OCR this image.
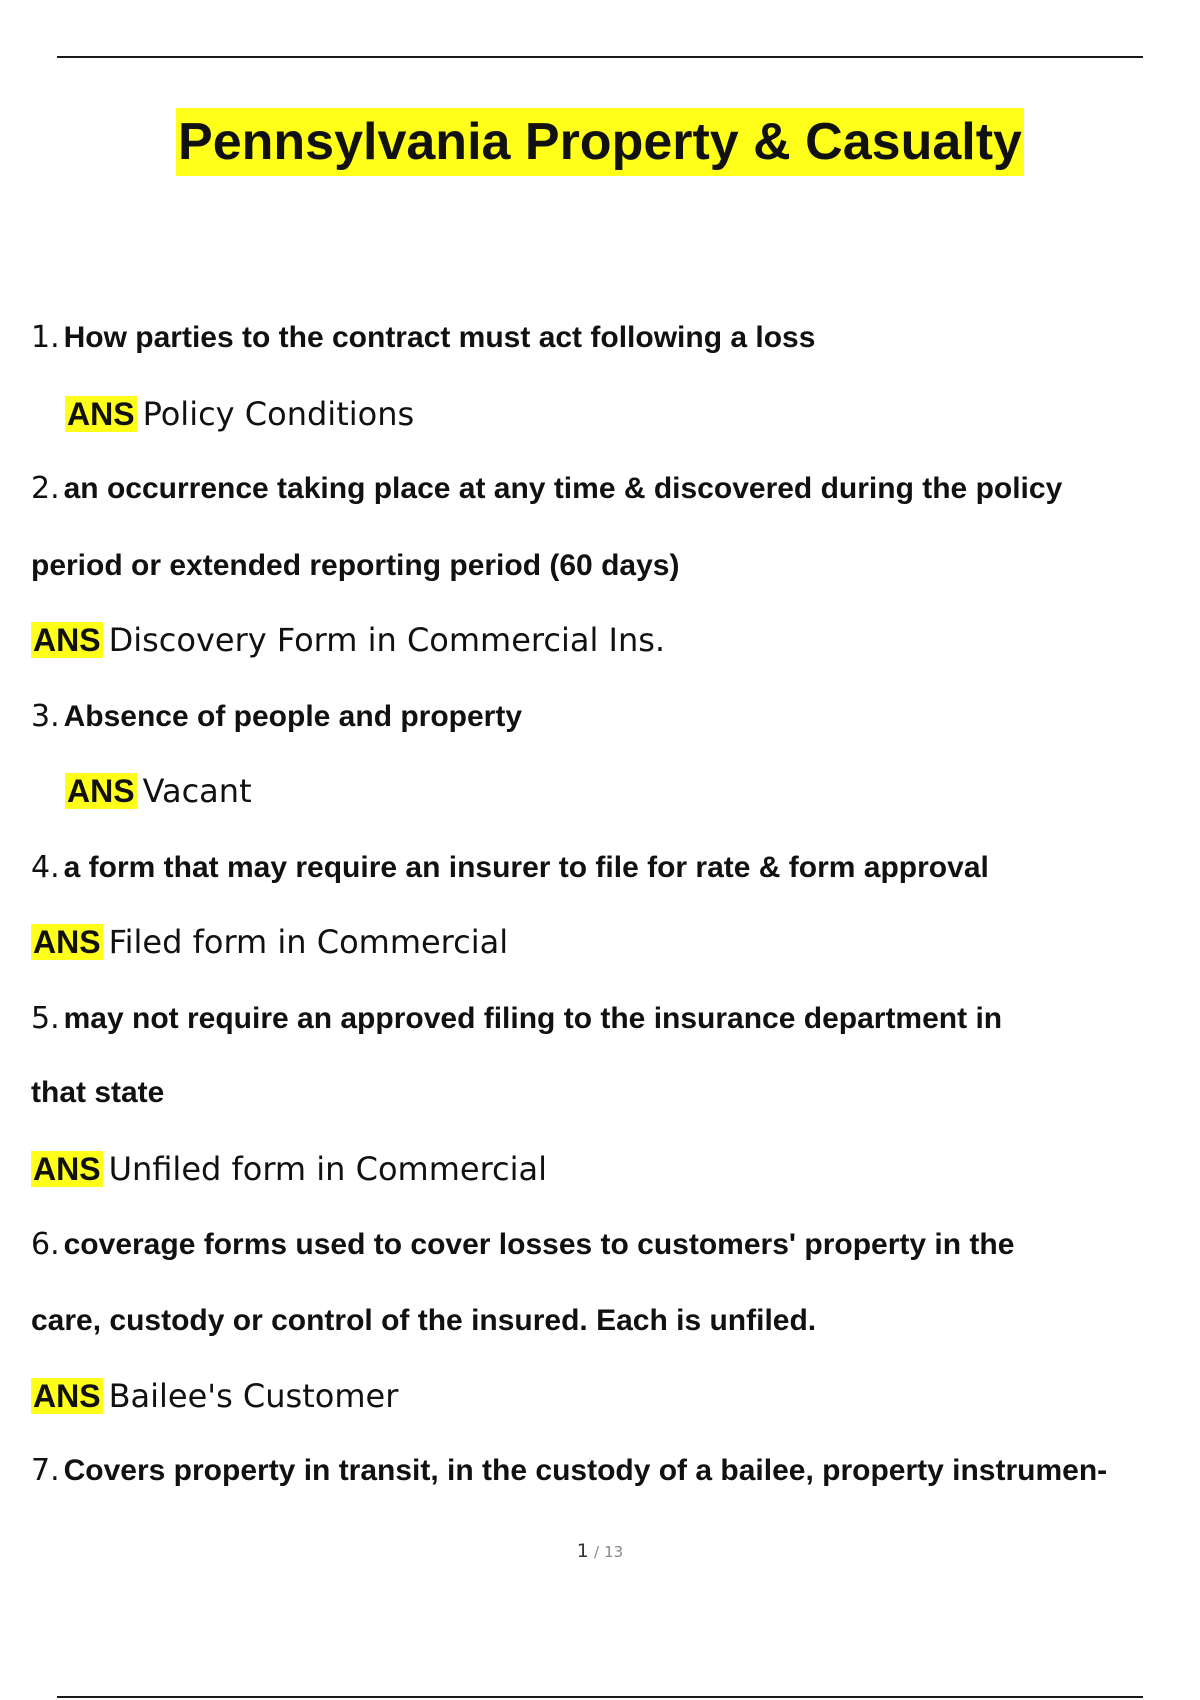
Pennsylvania Property & Casualty
1. How parties to the contract must act following a loss
ANS Policy Conditions
2. an occurrence taking place at any time & discovered during the policy
period or extended reporting period (60 days)
ANS Discovery Form in Commercial Ins.
3. Absence of people and property
ANS Vacant
4. a form that may require an insurer to file for rate & form approval
ANS Filed form in Commercial
5. may not require an approved filing to the insurance department in
that state
ANS Unfiled form in Commercial
6. coverage forms used to cover losses to customers' property in the
care, custody or control of the insured. Each is unfiled.
ANS Bailee's Customer
7. Covers property in transit, in the custody of a bailee, property instrumen-
1 / 13
